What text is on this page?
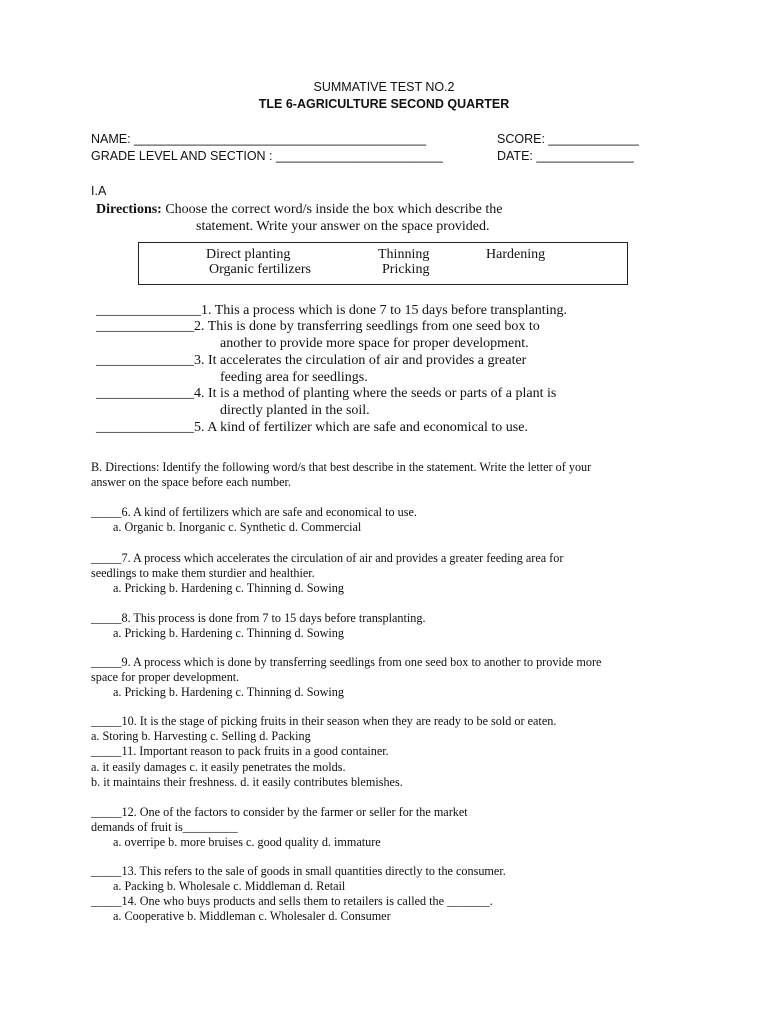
SUMMATIVE TEST NO.2
TLE 6-AGRICULTURE SECOND QUARTER
NAME: __________________________________________	SCORE: _____________
GRADE LEVEL AND SECTION : ________________________	DATE: ______________
I.A
Directions: Choose the correct word/s inside the box which describe the
statement. Write your answer on the space provided.
Direct planting	Thinning	Hardening
Organic fertilizers	Pricking
_______________1. This a process which is done 7 to 15 days before transplanting.
______________2. This is done by transferring seedlings from one seed box to
another to provide more space for proper development.
______________3. It accelerates the circulation of air and provides a greater
feeding area for seedlings.
______________4. It is a method of planting where the seeds or parts of a plant is
directly planted in the soil.
______________5. A kind of fertilizer which are safe and economical to use.
B. Directions: Identify the following word/s that best describe in the statement. Write the letter of your
answer on the space before each number.
_____6. A kind of fertilizers which are safe and economical to use.
a. Organic b. Inorganic c. Synthetic d. Commercial
_____7. A process which accelerates the circulation of air and provides a greater feeding area for
seedlings to make them sturdier and healthier.
a. Pricking b. Hardening c. Thinning d. Sowing
_____8. This process is done from 7 to 15 days before transplanting.
a. Pricking b. Hardening c. Thinning d. Sowing
_____9. A process which is done by transferring seedlings from one seed box to another to provide more
space for proper development.
a. Pricking b. Hardening c. Thinning d. Sowing
_____10. It is the stage of picking fruits in their season when they are ready to be sold or eaten.
a. Storing b. Harvesting c. Selling d. Packing
_____11. Important reason to pack fruits in a good container.
a. it easily damages c. it easily penetrates the molds.
b. it maintains their freshness. d. it easily contributes blemishes.
_____12. One of the factors to consider by the farmer or seller for the market
demands of fruit is_________
a. overripe b. more bruises c. good quality d. immature
_____13. This refers to the sale of goods in small quantities directly to the consumer.
a. Packing b. Wholesale c. Middleman d. Retail
_____14. One who buys products and sells them to retailers is called the _______.
a. Cooperative b. Middleman c. Wholesaler d. Consumer
